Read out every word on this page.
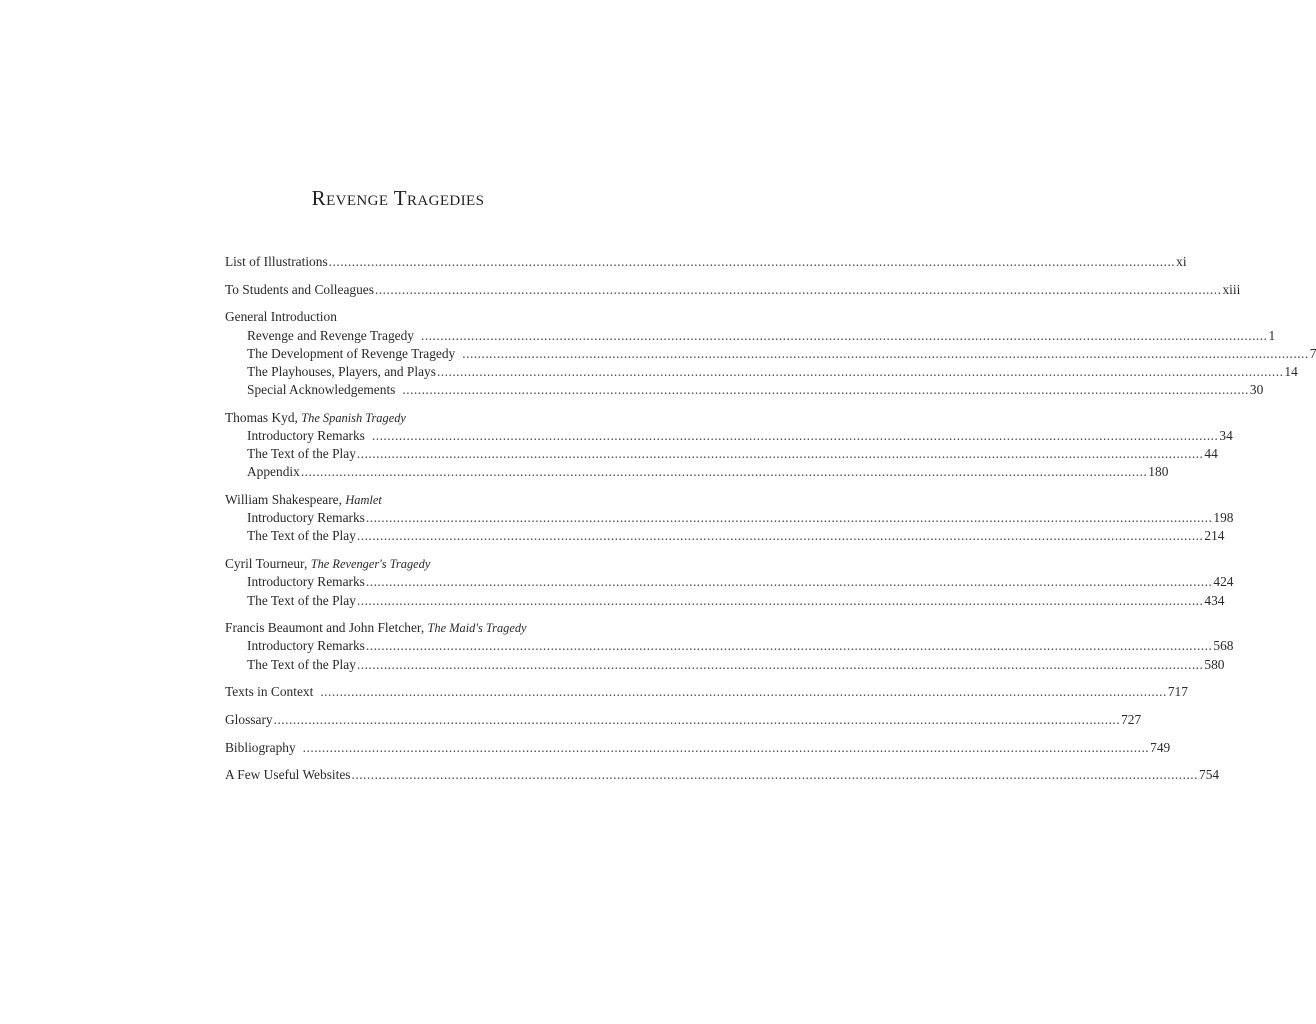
Revenge Tragedies
List of Illustrations ............................................................................................................................................................................................................................ xi
To Students and Colleagues ............................................................................................................................................................................................................................ xiii
General Introduction
Revenge and Revenge Tragedy ............................................................................................................................................................................................................................ 1
The Development of Revenge Tragedy ............................................................................................................................................................................................................................ 7
The Playhouses, Players, and Plays ............................................................................................................................................................................................................................ 14
Special Acknowledgements ............................................................................................................................................................................................................................ 30
Thomas Kyd, The Spanish Tragedy
Introductory Remarks ............................................................................................................................................................................................................................ 34
The Text of the Play ............................................................................................................................................................................................................................ 44
Appendix ............................................................................................................................................................................................................................ 180
William Shakespeare, Hamlet
Introductory Remarks ............................................................................................................................................................................................................................ 198
The Text of the Play ............................................................................................................................................................................................................................ 214
Cyril Tourneur, The Revenger's Tragedy
Introductory Remarks ............................................................................................................................................................................................................................ 424
The Text of the Play ............................................................................................................................................................................................................................ 434
Francis Beaumont and John Fletcher, The Maid's Tragedy
Introductory Remarks ............................................................................................................................................................................................................................ 568
The Text of the Play ............................................................................................................................................................................................................................ 580
Texts in Context ............................................................................................................................................................................................................................ 717
Glossary ............................................................................................................................................................................................................................ 727
Bibliography ............................................................................................................................................................................................................................ 749
A Few Useful Websites ............................................................................................................................................................................................................................ 754
